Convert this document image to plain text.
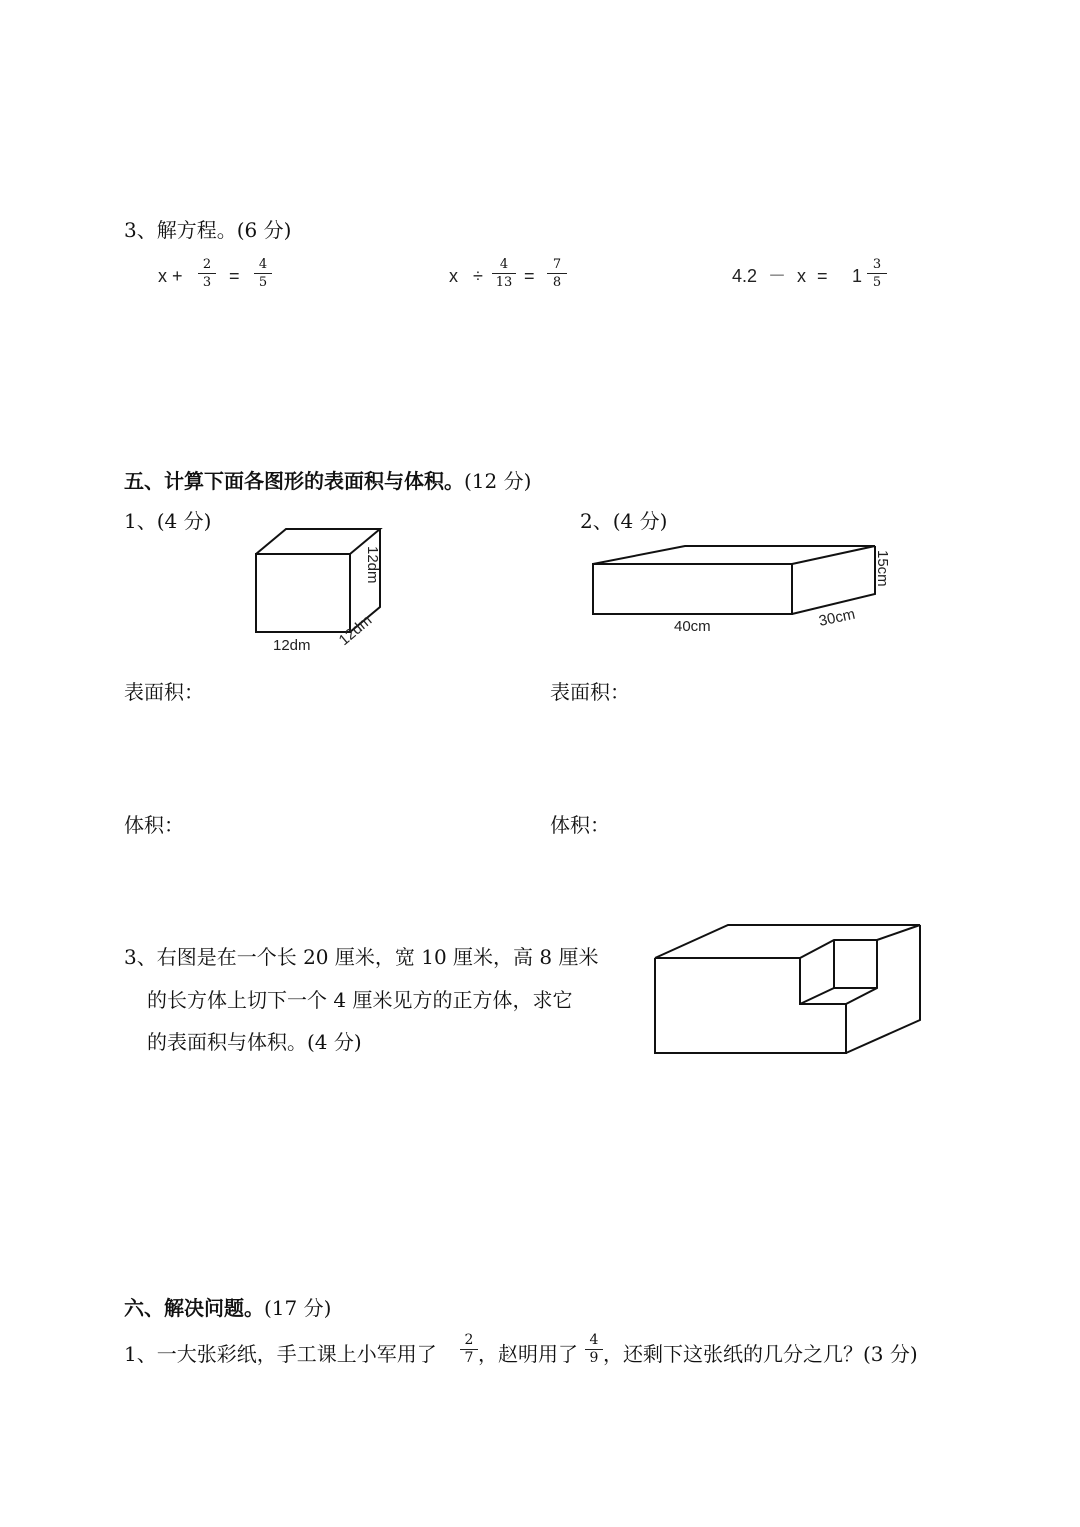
3、解方程。(6 分)
x +
2
3 =
4
5	x ÷
4
13 =
7
8	4.2 － x = 1
3
5
五、计算下面各图形的表面积与体积。(12 分)
1、(4 分)	2、(4 分)
12dm
12dm 12dm
15cm
40cm	30cm
表面积：	表面积：
体积：	体积：
3、右图是在一个长 20 厘米，宽 10 厘米，高 8 厘米
的长方体上切下一个 4 厘米见方的正方体，求它
的表面积与体积。(4 分)
六、解决问题。(17 分)
1、一大张彩纸，手工课上小军用了
2
7 ，赵明用了
4
9 ，还剩下这张纸的几分之几？(3 分)
